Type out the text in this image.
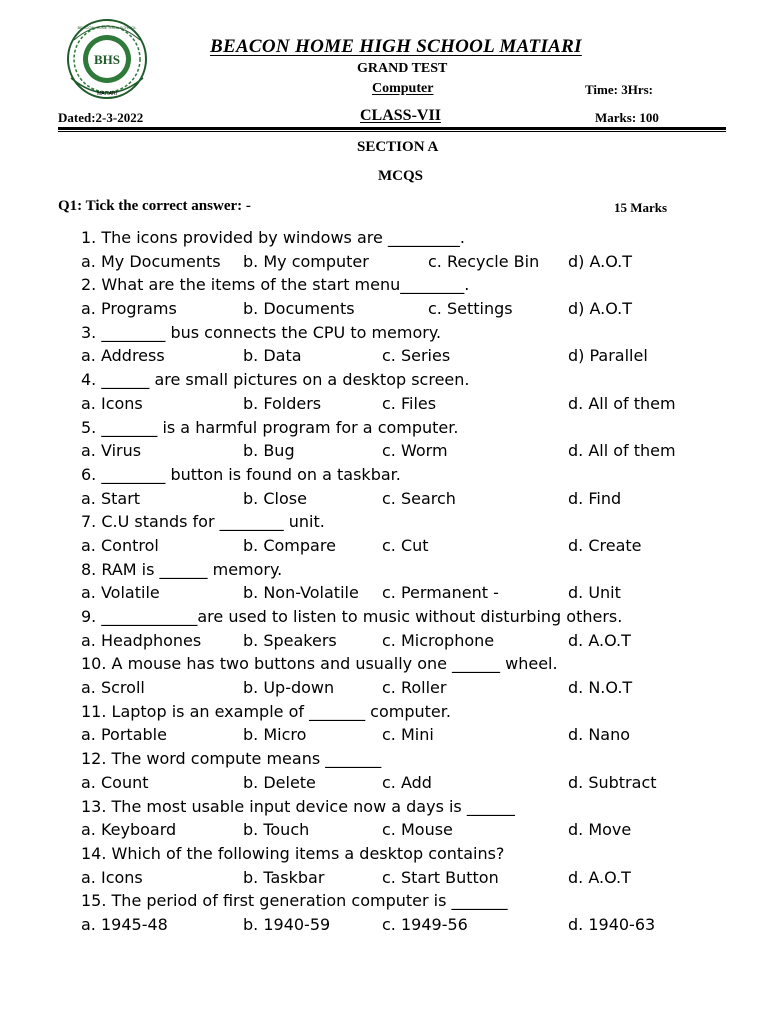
BHS
MATIARI
BEACON HOME HIGH SCHOOL
BEACON HOME HIGH SCHOOL MATIARI
GRAND TEST
Computer	Time: 3Hrs:
Dated:2-3-2022	CLASS-VII	Marks: 100
SECTION A
MCQS
Q1: Tick the correct answer: -	15 Marks
1. The icons provided by windows are _________.
a. My Documents b. My computer	c. Recycle Bin d) A.O.T
2. What are the items of the start menu________.
a. Programs	b. Documents	c. Settings	d) A.O.T
3. ________ bus connects the CPU to memory.
a. Address	b. Data	c. Series	d) Parallel
4. ______ are small pictures on a desktop screen.
a. Icons	b. Folders	c. Files	d. All of them
5. _______ is a harmful program for a computer.
a. Virus	b. Bug	c. Worm	d. All of them
6. ________ button is found on a taskbar.
a. Start	b. Close	c. Search	d. Find
7. C.U stands for ________ unit.
a. Control	b. Compare	c. Cut	d. Create
8. RAM is ______ memory.
a. Volatile	b. Non-Volatile c. Permanent -	d. Unit
9. ____________are used to listen to music without disturbing others.
a. Headphones	b. Speakers	c. Microphone	d. A.O.T
10. A mouse has two buttons and usually one ______ wheel.
a. Scroll	b. Up-down	c. Roller	d. N.O.T
11. Laptop is an example of _______ computer.
a. Portable	b. Micro	c. Mini	d. Nano
12. The word compute means _______
a. Count	b. Delete	c. Add	d. Subtract
13. The most usable input device now a days is ______
a. Keyboard	b. Touch	c. Mouse	d. Move
14. Which of the following items a desktop contains?
a. Icons	b. Taskbar	c. Start Button	d. A.O.T
15. The period of first generation computer is _______
a. 1945-48	b. 1940-59	c. 1949-56	d. 1940-63
